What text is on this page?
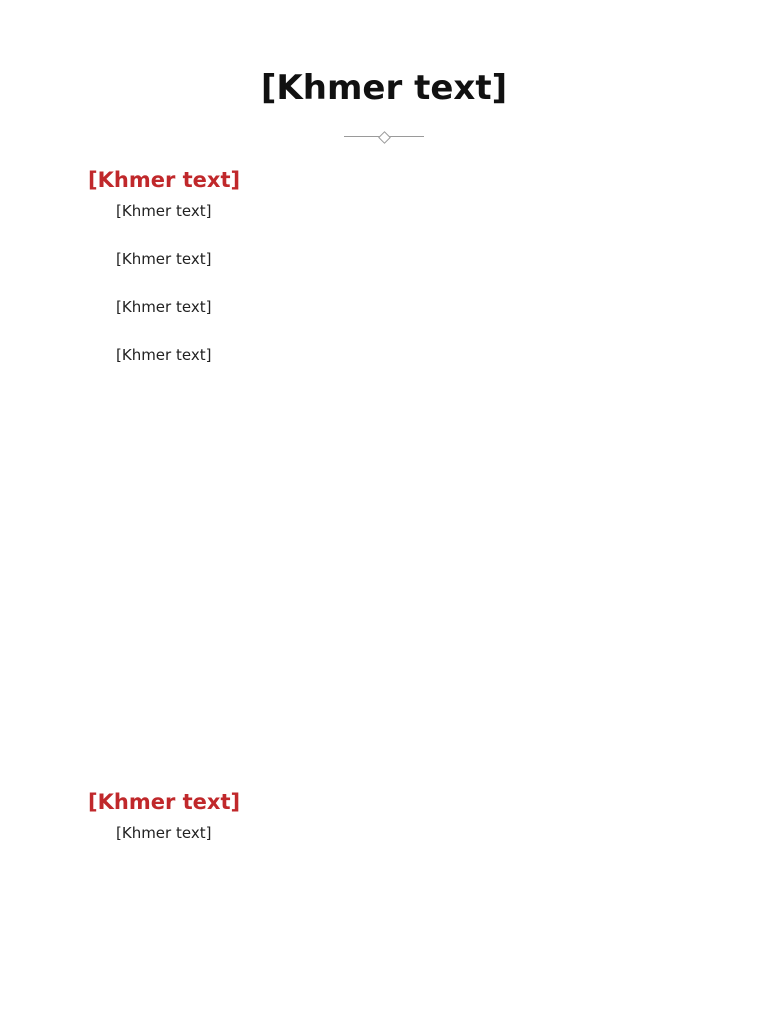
[Khmer text]
[Khmer text]

[Khmer text]

[Khmer text]

[Khmer text]

[Khmer text]

[Khmer text]

[Khmer text]
